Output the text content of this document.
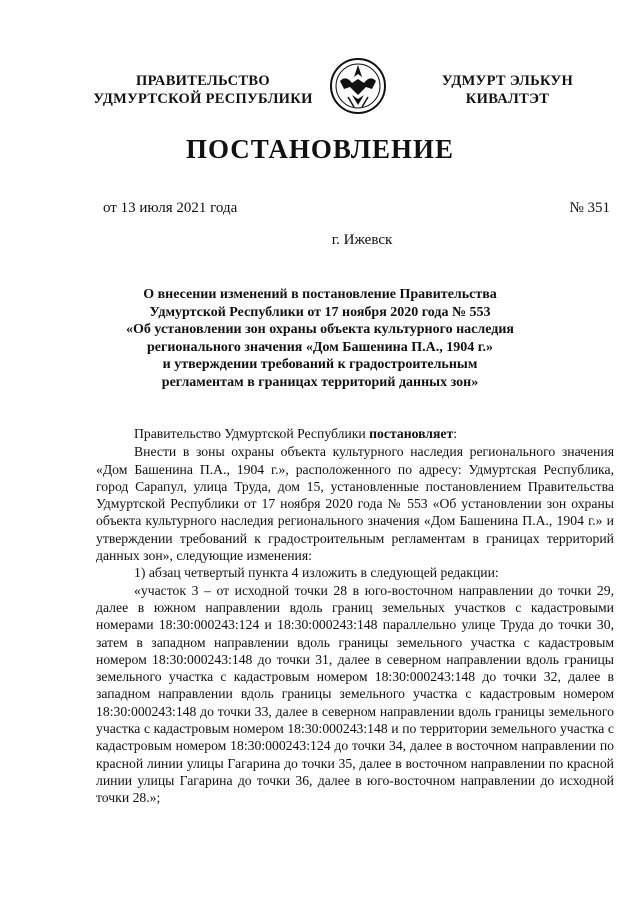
ПРАВИТЕЛЬСТВО
УДМУРТСКОЙ РЕСПУБЛИКИ
УДМУРТ ЭЛЬКУН
КИВАЛТЭТ
ПОСТАНОВЛЕНИЕ
от 13 июля 2021 года	№ 351
г. Ижевск
О внесении изменений в постановление Правительства
Удмуртской Республики от 17 ноября 2020 года № 553
«Об установлении зон охраны объекта культурного наследия
регионального значения «Дом Башенина П.А., 1904 г.»
и утверждении требований к градостроительным
регламентам в границах территорий данных зон»

Правительство Удмуртской Республики постановляет:

Внести в зоны охраны объекта культурного наследия регионального значения «Дом Башенина П.А., 1904 г.», расположенного по адресу: Удмуртская Республика, город Сарапул, улица Труда, дом 15, установленные постановлением Правительства Удмуртской Республики от 17 ноября 2020 года № 553 «Об установлении зон охраны объекта культурного наследия регионального значения «Дом Башенина П.А., 1904 г.» и утверждении требований к градостроительным регламентам в границах территорий данных зон», следующие изменения:

1) абзац четвертый пункта 4 изложить в следующей редакции:

«участок 3 – от исходной точки 28 в юго-восточном направлении до точки 29, далее в южном направлении вдоль границ земельных участков с кадастровыми номерами 18:30:000243:124 и 18:30:000243:148 параллельно улице Труда до точки 30, затем в западном направлении вдоль границы земельного участка с кадастровым номером 18:30:000243:148 до точки 31, далее в северном направлении вдоль границы земельного участка с кадастровым номером 18:30:000243:148 до точки 32, далее в западном направлении вдоль границы земельного участка с кадастровым номером 18:30:000243:148 до точки 33, далее в северном направлении вдоль границы земельного участка с кадастровым номером 18:30:000243:148 и по территории земельного участка с кадастровым номером 18:30:000243:124 до точки 34, далее в восточном направлении по красной линии улицы Гагарина до точки 35, далее в восточном направлении по красной линии улицы Гагарина до точки 36, далее в юго-восточном направлении до исходной точки 28.»;
